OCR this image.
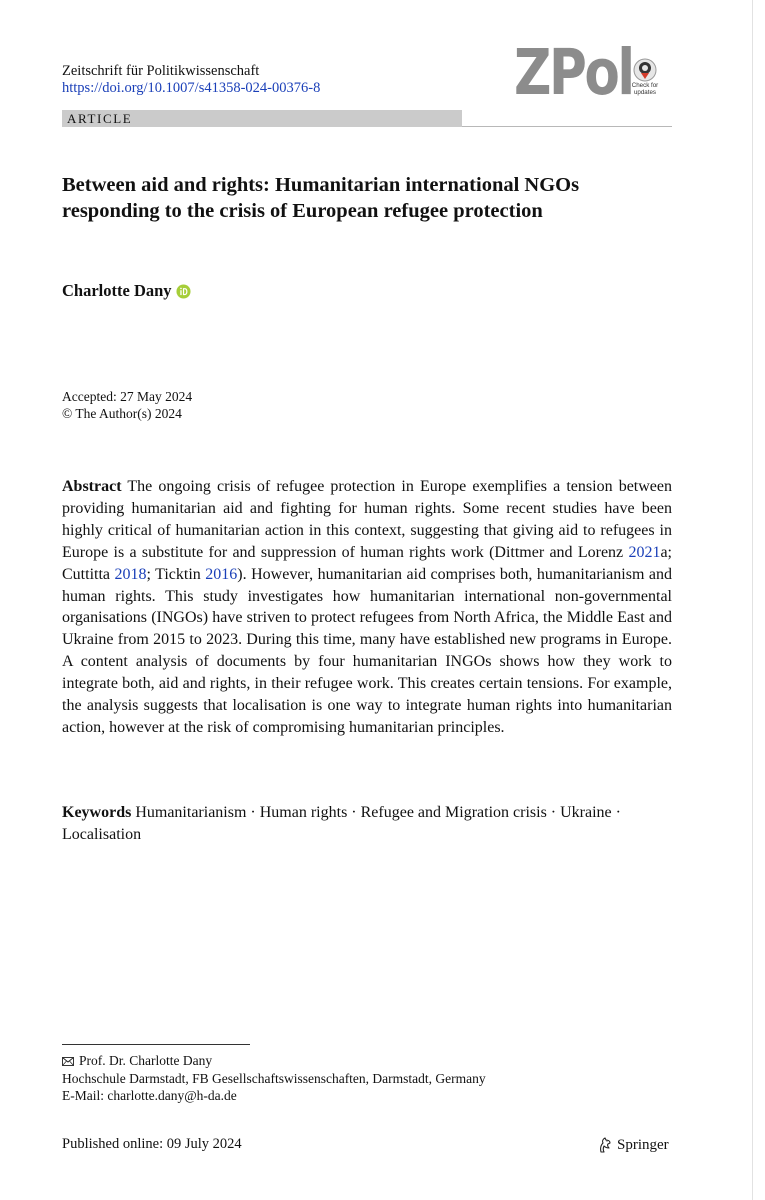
Zeitschrift für Politikwissenschaft
https://doi.org/10.1007/s41358-024-00376-8	ZPol Check for
updates
ARTICLE
Between aid and rights: Humanitarian international NGOs responding to the crisis of European refugee protection
Charlotte Dany
Accepted: 27 May 2024
© The Author(s) 2024

Abstract The ongoing crisis of refugee protection in Europe exemplifies a tension between providing humanitarian aid and fighting for human rights. Some recent studies have been highly critical of humanitarian action in this context, suggesting that giving aid to refugees in Europe is a substitute for and suppression of human rights work (Dittmer and Lorenz 2021a; Cuttitta 2018; Ticktin 2016). However, humanitarian aid comprises both, humanitarianism and human rights. This study investigates how humanitarian international non-governmental organisations (INGOs) have striven to protect refugees from North Africa, the Middle East and Ukraine from 2015 to 2023. During this time, many have established new programs in Europe. A content analysis of documents by four humanitarian INGOs shows how they work to integrate both, aid and rights, in their refugee work. This creates certain tensions. For example, the analysis suggests that localisation is one way to integrate human rights into humanitarian action, however at the risk of compromising humanitarian principles.

Keywords Humanitarianism · Human rights · Refugee and Migration crisis · Ukraine · Localisation

Prof. Dr. Charlotte Dany
Hochschule Darmstadt, FB Gesellschaftswissenschaften, Darmstadt, Germany
E-Mail: charlotte.dany@h-da.de
Published online: 09 July 2024	Springer
